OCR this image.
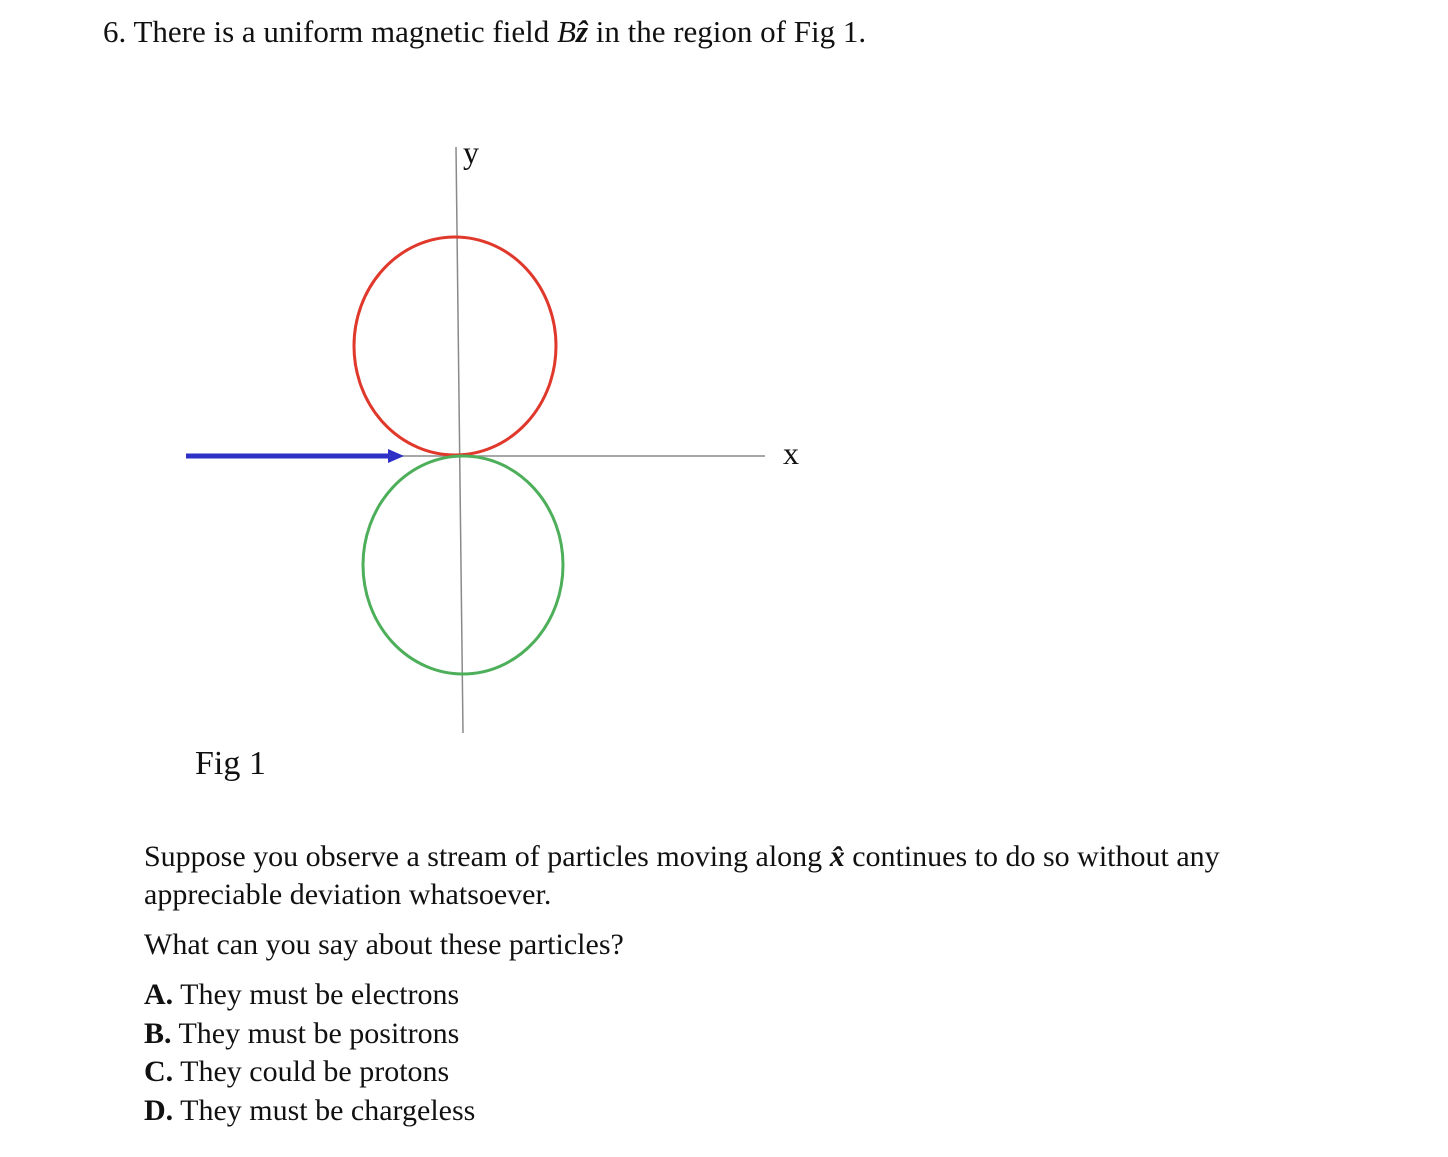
6. There is a uniform magnetic field Bẑ in the region of Fig 1.
y
x
Fig 1
Suppose you observe a stream of particles moving along x̂ continues to do so without any appreciable deviation whatsoever.
What can you say about these particles?
A. They must be electrons
B. They must be positrons
C. They could be protons
D. They must be chargeless
